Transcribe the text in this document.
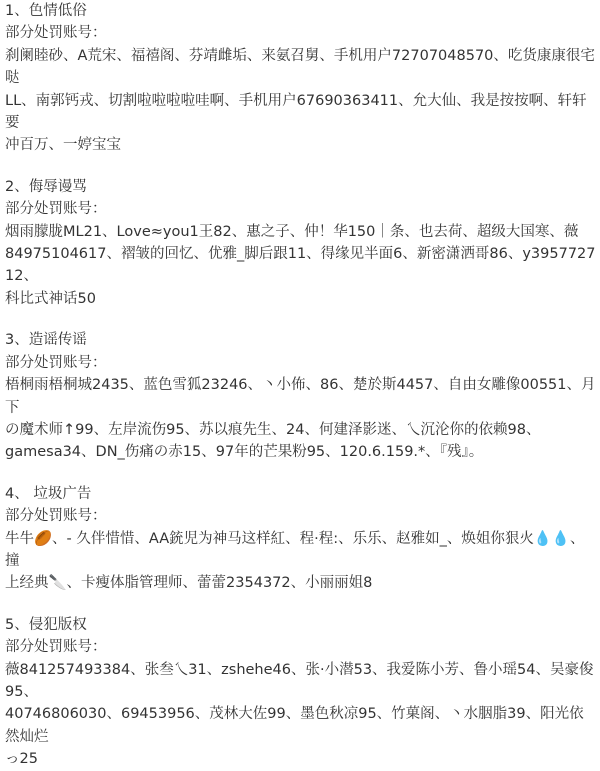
1、色情低俗

部分处罚账号：

刹阑睦砂、A荒宋、福禧阁、芬靖雌垢、来氨召舅、手机用户72707048570、吃货康康很宅哒

LL、南郭钙戎、切割啦啦啦啦哇啊、手机用户67690363411、允大仙、我是按按啊、轩轩要

冲百万、一婷宝宝

2、侮辱谩骂

部分处罚账号：

烟雨朦胧ML21、Love≈you1王82、惠之子、仲！华150｜条、也去荷、超级大国寒、薇

84975104617、褶皱的回忆、优雅_脚后跟11、得缘见半面6、新密潇洒哥86、y395772712、

科比式神话50

3、造谣传谣

部分处罚账号：

梧桐雨梧桐城2435、蓝色雪狐23246、丶小佈、86、楚於斯4457、自由女雕像00551、月下

の魔术师↑99、左岸流伤95、苏以痕先生、24、何建泽影迷、乀沉沦你的依赖98、

gamesa34、DN_伤痛の赤15、97年的芒果粉95、120.6.159.*、『残』。

4、 垃圾广告

部分处罚账号：

牛牛🏉、- 久伴惜惜、AA銃児为神马这样紅、程·程:、乐乐、赵雅如_、焕姐你狠火💧💧、撞

上经典🔪、卡瘦体脂管理师、蕾蕾2354372、小丽丽姐8

5、侵犯版权

部分处罚账号：

薇841257493384、张叁乀31、zshehe46、张·小潜53、我爱陈小芳、鲁小瑶54、吴豪俊95、

40746806030、69453956、茂林大佐99、墨色秋凉95、竹菓阁、丶水胭脂39、阳光依然灿烂

っ25
